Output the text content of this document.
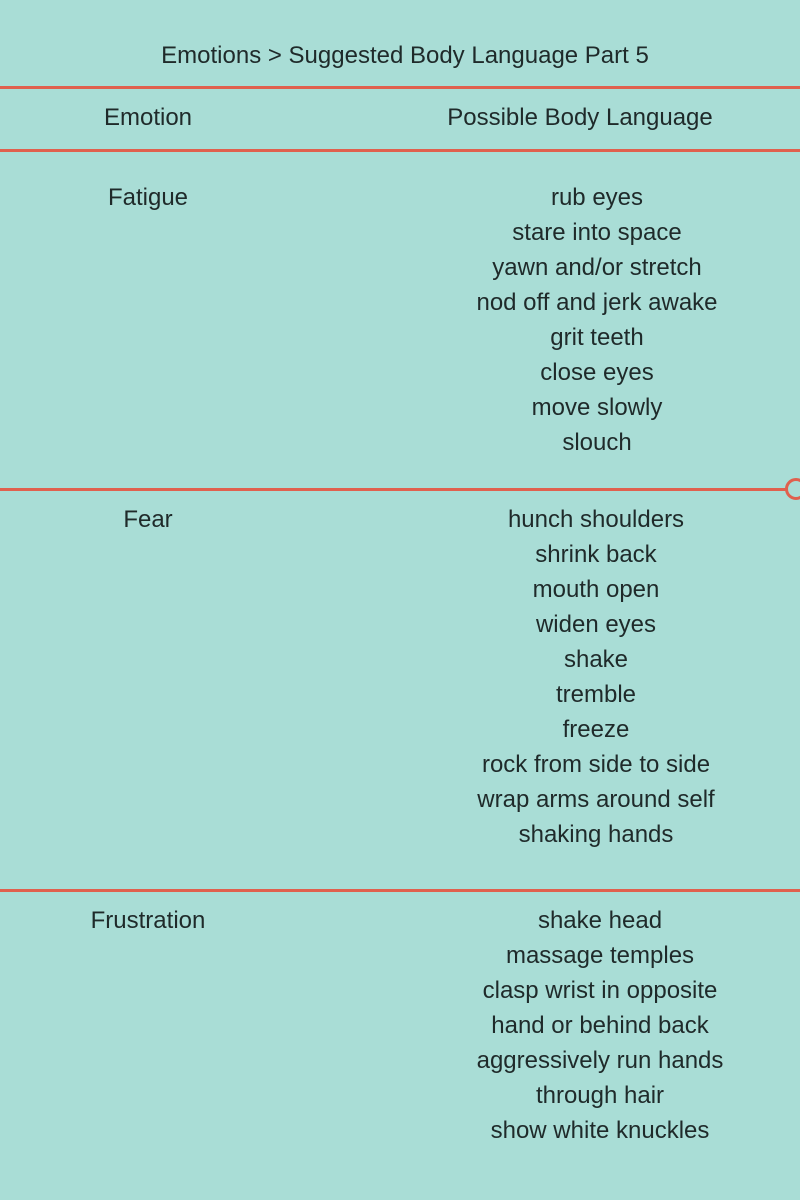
Emotions > Suggested Body Language Part 5
Emotion	Possible Body Language
Fatigue	rub eyes
stare into space
yawn and/or stretch
nod off and jerk awake
grit teeth
close eyes
move slowly
slouch
Fear	hunch shoulders
shrink back
mouth open
widen eyes
shake
tremble
freeze
rock from side to side
wrap arms around self
shaking hands
Frustration	shake head
massage temples
clasp wrist in opposite
hand or behind back
aggressively run hands
through hair
show white knuckles
